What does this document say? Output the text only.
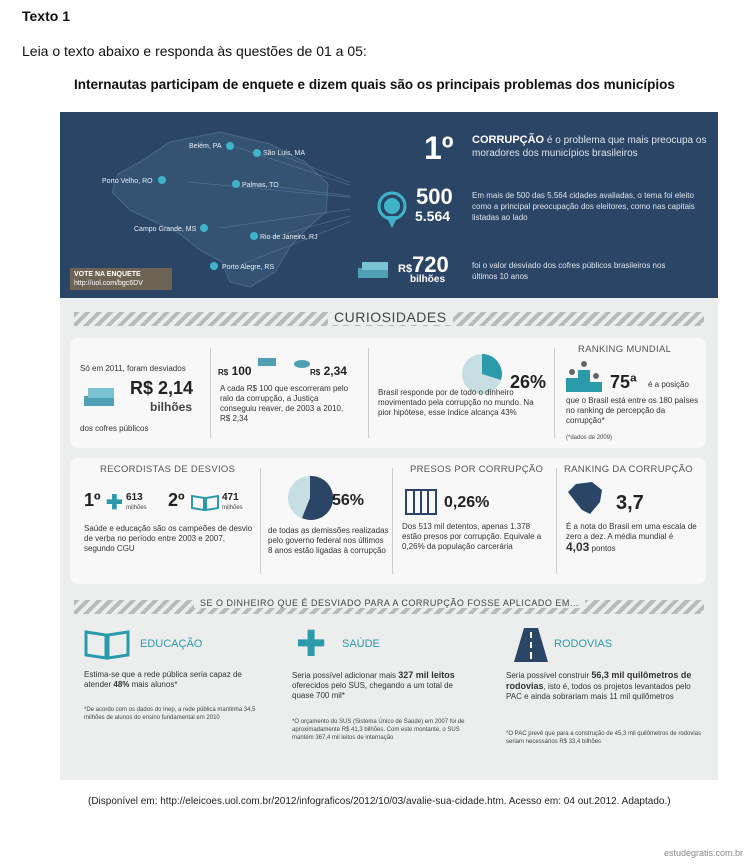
Texto 1
Leia o texto abaixo e responda às questões de 01 a 05:
Internautas participam de enquete e dizem quais são os principais problemas dos municípios
Belém, PA
São Luís, MA
Porto Velho, RO
Palmas, TO
Campo Grande, MS
Rio de Janeiro, RJ
Porto Alegre, RS
VOTE NA ENQUETE
http://uol.com/bgc6DV
1º CORRUPÇÃO é o problema que mais preocupa os moradores dos municípios brasileiros
500
5.564
Em mais de 500 das 5.564 cidades avaliadas, o tema foi eleito como a principal preocupação dos eleitores, como nas capitais listadas ao lado
R$720
bilhões
foi o valor desviado dos cofres públicos brasileiros nos últimos 10 anos
CURIOSIDADES
Só em 2011, foram desviados
R$ 2,14
bilhões
dos cofres públicos
R$ 100	R$ 2,34
A cada R$ 100 que escorreram pelo ralo da corrupção, a Justiça conseguiu reaver, de 2003 a 2010, R$ 2,34
26%
Brasil responde por de todo o dinheiro movimentado pela corrupção no mundo. Na pior hipótese, esse índice alcança 43%
RANKING MUNDIAL
75ª é a posição
que o Brasil está entre os 180 países no ranking de percepção da corrupção*
(*dados de 2009)
RECORDISTAS DE DESVIOS
1º ✚ 613
milhões 2º	471
milhões
Saúde e educação são os campeões de desvio de verba no período entre 2003 e 2007, segundo CGU
56%
de todas as demissões realizadas pelo governo federal nos últimos 8 anos estão ligadas à corrupção
PRESOS POR CORRUPÇÃO
0,26%
Dos 513 mil detentos, apenas 1.378 estão presos por corrupção. Equivale a 0,26% da população carcerária
RANKING DA CORRUPÇÃO
3,7
É a nota do Brasil em uma escala de zero a dez. A média mundial é 4,03 pontos
SE O DINHEIRO QUE É DESVIADO PARA A CORRUPÇÃO FOSSE APLICADO EM...
EDUCAÇÃO
Estima-se que a rede pública seria capaz de atender 48% mais alunos*
*De acordo com os dados do Inep, a rede pública mantinha 34,5 milhões de alunos do ensino fundamental em 2010
✚ SAÚDE
Seria possível adicionar mais 327 mil leitos oferecidos pelo SUS, chegando a um total de quase 700 mil*
*O orçamento do SUS (Sistema Único de Saúde) em 2007 foi de aproximadamente R$ 41,3 bilhões. Com este montante, o SUS mantém 367,4 mil leitos de internação
RODOVIAS
Seria possível construir 56,3 mil quilômetros de rodovias, isto é, todos os projetos levantados pelo PAC e ainda sobrariam mais 11 mil quilômetros
*O PAC prevê que para a construção de 45,3 mil quilômetros de rodovias seriam necessários R$ 33,4 bilhões
(Disponível em: http://eleicoes.uol.com.br/2012/infograficos/2012/10/03/avalie-sua-cidade.htm. Acesso em: 04 out.2012. Adaptado.)
estudegratis.com.br
